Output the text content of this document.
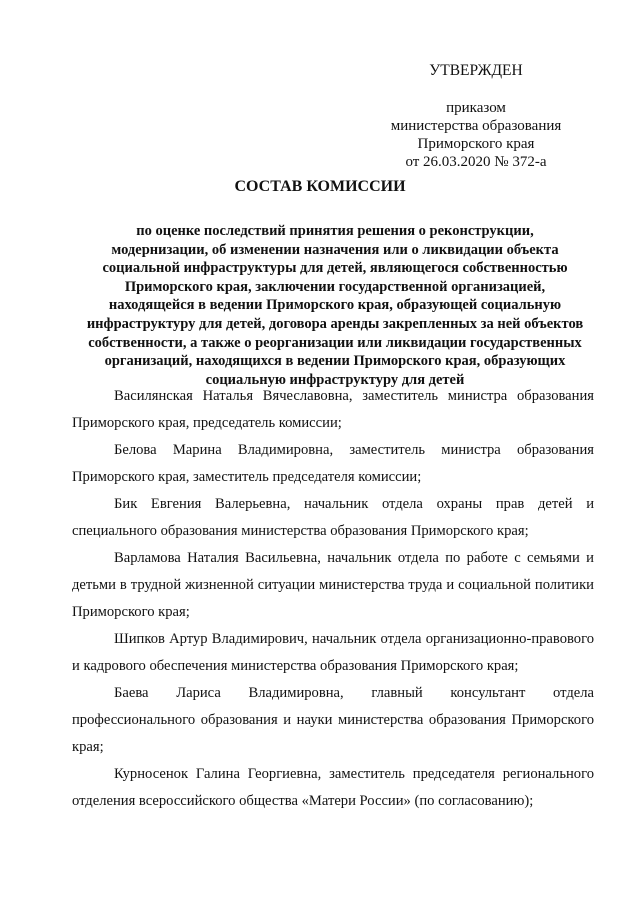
УТВЕРЖДЕН
приказом
министерства образования
Приморского края
от 26.03.2020 № 372-а
СОСТАВ КОМИССИИ
по оценке последствий принятия решения о реконструкции,
модернизации, об изменении назначения или о ликвидации объекта
социальной инфраструктуры для детей, являющегося собственностью
Приморского края, заключении государственной организацией,
находящейся в ведении Приморского края, образующей социальную
инфраструктуру для детей, договора аренды закрепленных за ней объектов
собственности, а также о реорганизации или ликвидации государственных
организаций, находящихся в ведении Приморского края, образующих
социальную инфраструктуру для детей

Василянская Наталья Вячеславовна, заместитель министра образования Приморского края, председатель комиссии;

Белова Марина Владимировна, заместитель министра образования Приморского края, заместитель председателя комиссии;

Бик Евгения Валерьевна, начальник отдела охраны прав детей и специального образования министерства образования Приморского края;

Варламова Наталия Васильевна, начальник отдела по работе с семьями и детьми в трудной жизненной ситуации министерства труда и социальной политики Приморского края;

Шипков Артур Владимирович, начальник отдела организационно-правового и кадрового обеспечения министерства образования Приморского края;

Баева Лариса Владимировна, главный консультант отдела профессионального образования и науки министерства образования Приморского края;

Курносенок Галина Георгиевна, заместитель председателя регионального отделения всероссийского общества «Матери России» (по согласованию);
